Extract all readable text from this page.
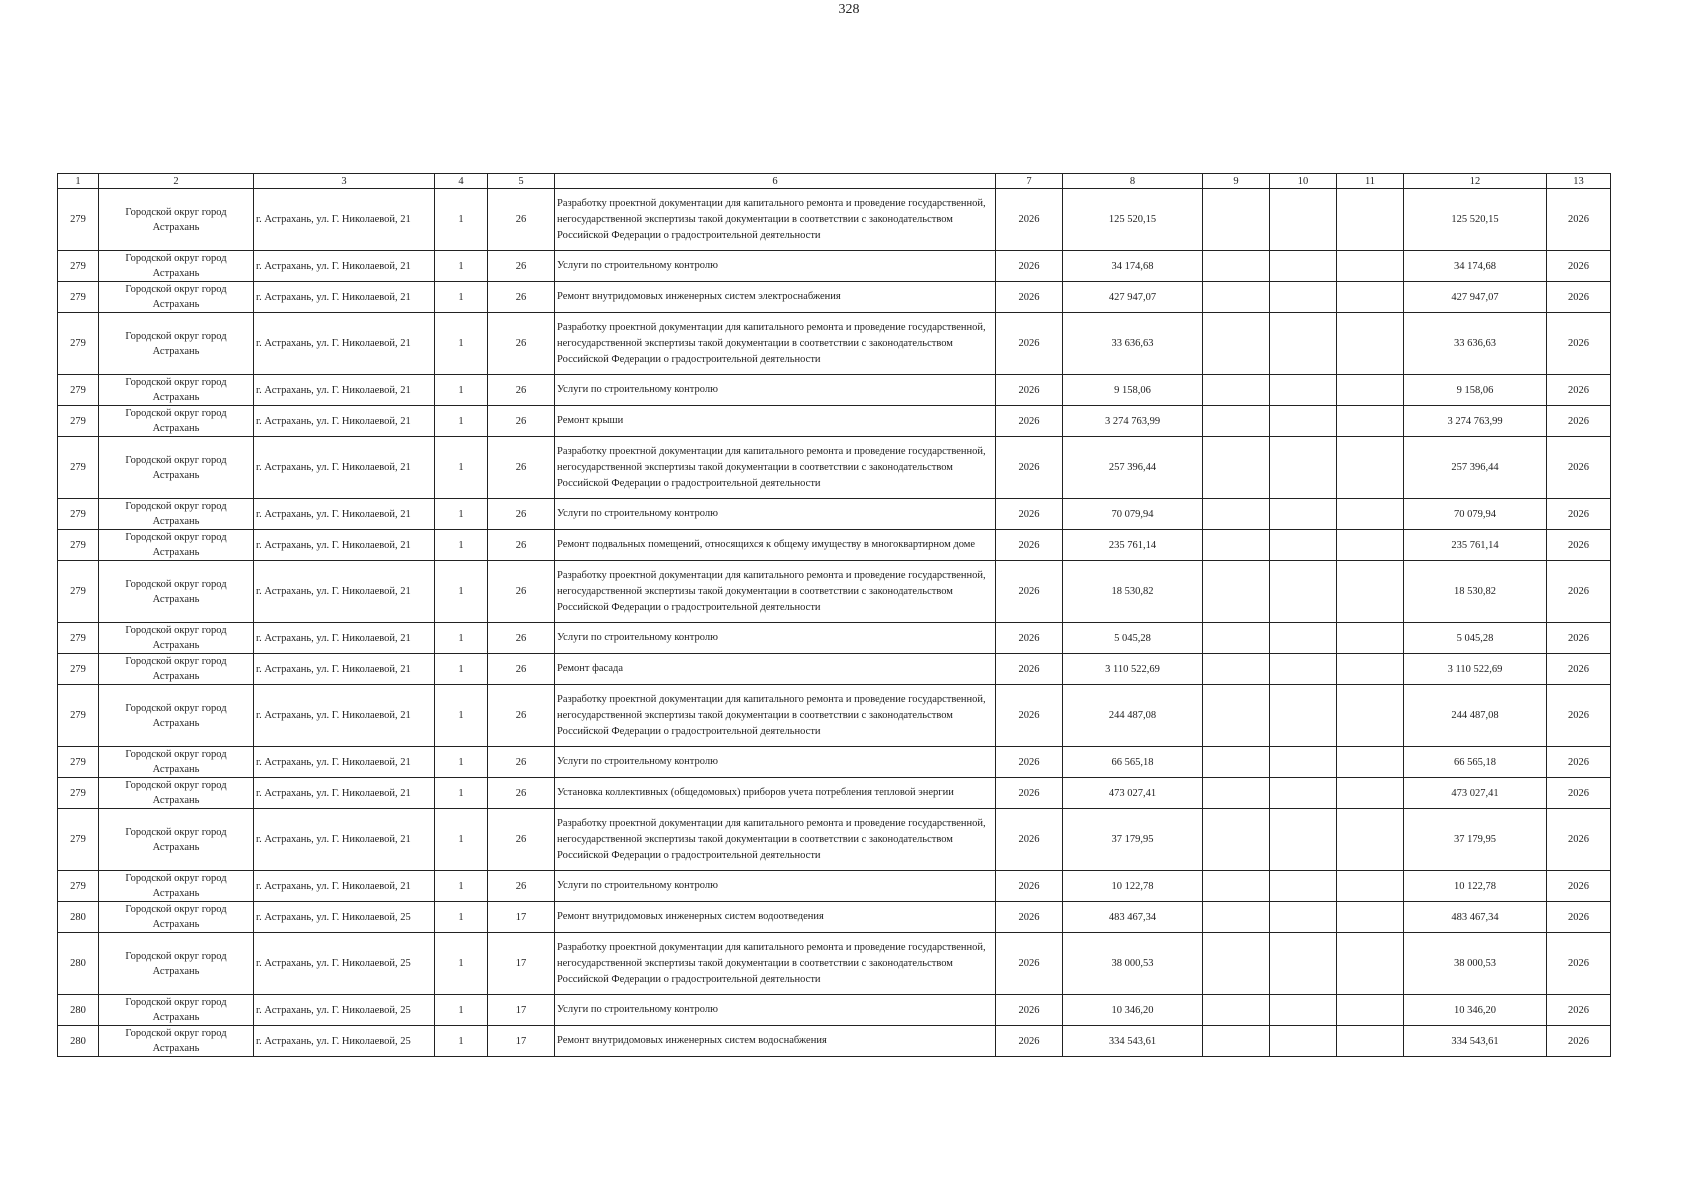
328
1	2	3	4	5	6	7	8	9	10	11	12	13
279	Городской округ город Астрахань	г. Астрахань, ул. Г. Николаевой, 21	1	26	Разработку проектной документации для капитального ремонта и проведение государственной, негосударственной экспертизы такой документации в соответствии с законодательством Российской Федерации о градостроительной деятельности	2026	125 520,15				125 520,15	2026
279	Городской округ город Астрахань	г. Астрахань, ул. Г. Николаевой, 21	1	26	Услуги по строительному контролю	2026	34 174,68				34 174,68	2026
279	Городской округ город Астрахань	г. Астрахань, ул. Г. Николаевой, 21	1	26	Ремонт внутридомовых инженерных систем электроснабжения	2026	427 947,07				427 947,07	2026
279	Городской округ город Астрахань	г. Астрахань, ул. Г. Николаевой, 21	1	26	Разработку проектной документации для капитального ремонта и проведение государственной, негосударственной экспертизы такой документации в соответствии с законодательством Российской Федерации о градостроительной деятельности	2026	33 636,63				33 636,63	2026
279	Городской округ город Астрахань	г. Астрахань, ул. Г. Николаевой, 21	1	26	Услуги по строительному контролю	2026	9 158,06				9 158,06	2026
279	Городской округ город Астрахань	г. Астрахань, ул. Г. Николаевой, 21	1	26	Ремонт крыши	2026	3 274 763,99				3 274 763,99	2026
279	Городской округ город Астрахань	г. Астрахань, ул. Г. Николаевой, 21	1	26	Разработку проектной документации для капитального ремонта и проведение государственной, негосударственной экспертизы такой документации в соответствии с законодательством Российской Федерации о градостроительной деятельности	2026	257 396,44				257 396,44	2026
279	Городской округ город Астрахань	г. Астрахань, ул. Г. Николаевой, 21	1	26	Услуги по строительному контролю	2026	70 079,94				70 079,94	2026
279	Городской округ город Астрахань	г. Астрахань, ул. Г. Николаевой, 21	1	26	Ремонт подвальных помещений, относящихся к общему имуществу в многоквартирном доме	2026	235 761,14				235 761,14	2026
279	Городской округ город Астрахань	г. Астрахань, ул. Г. Николаевой, 21	1	26	Разработку проектной документации для капитального ремонта и проведение государственной, негосударственной экспертизы такой документации в соответствии с законодательством Российской Федерации о градостроительной деятельности	2026	18 530,82				18 530,82	2026
279	Городской округ город Астрахань	г. Астрахань, ул. Г. Николаевой, 21	1	26	Услуги по строительному контролю	2026	5 045,28				5 045,28	2026
279	Городской округ город Астрахань	г. Астрахань, ул. Г. Николаевой, 21	1	26	Ремонт фасада	2026	3 110 522,69				3 110 522,69	2026
279	Городской округ город Астрахань	г. Астрахань, ул. Г. Николаевой, 21	1	26	Разработку проектной документации для капитального ремонта и проведение государственной, негосударственной экспертизы такой документации в соответствии с законодательством Российской Федерации о градостроительной деятельности	2026	244 487,08				244 487,08	2026
279	Городской округ город Астрахань	г. Астрахань, ул. Г. Николаевой, 21	1	26	Услуги по строительному контролю	2026	66 565,18				66 565,18	2026
279	Городской округ город Астрахань	г. Астрахань, ул. Г. Николаевой, 21	1	26	Установка коллективных (общедомовых) приборов учета потребления тепловой энергии	2026	473 027,41				473 027,41	2026
279	Городской округ город Астрахань	г. Астрахань, ул. Г. Николаевой, 21	1	26	Разработку проектной документации для капитального ремонта и проведение государственной, негосударственной экспертизы такой документации в соответствии с законодательством Российской Федерации о градостроительной деятельности	2026	37 179,95				37 179,95	2026
279	Городской округ город Астрахань	г. Астрахань, ул. Г. Николаевой, 21	1	26	Услуги по строительному контролю	2026	10 122,78				10 122,78	2026
280	Городской округ город Астрахань	г. Астрахань, ул. Г. Николаевой, 25	1	17	Ремонт внутридомовых инженерных систем водоотведения	2026	483 467,34				483 467,34	2026
280	Городской округ город Астрахань	г. Астрахань, ул. Г. Николаевой, 25	1	17	Разработку проектной документации для капитального ремонта и проведение государственной, негосударственной экспертизы такой документации в соответствии с законодательством Российской Федерации о градостроительной деятельности	2026	38 000,53				38 000,53	2026
280	Городской округ город Астрахань	г. Астрахань, ул. Г. Николаевой, 25	1	17	Услуги по строительному контролю	2026	10 346,20				10 346,20	2026
280	Городской округ город Астрахань	г. Астрахань, ул. Г. Николаевой, 25	1	17	Ремонт внутридомовых инженерных систем водоснабжения	2026	334 543,61				334 543,61	2026
